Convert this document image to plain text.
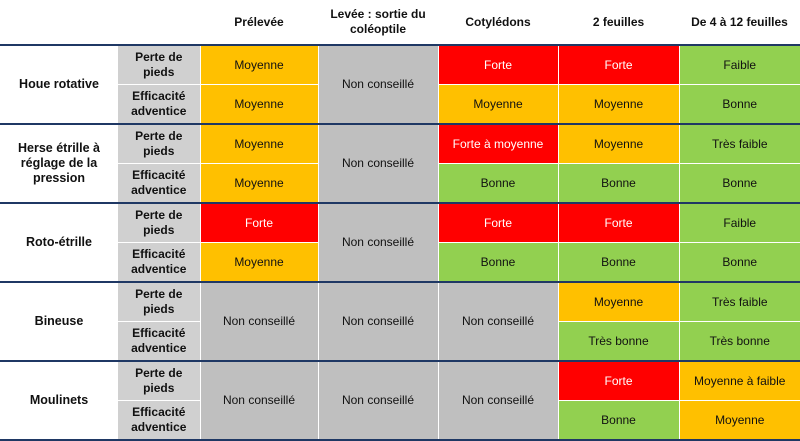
		Prélevée	Levée : sortie du coléoptile	Cotylédons	2 feuilles	De 4 à 12 feuilles
Houe rotative	Perte de pieds	Moyenne	Non conseillé	Forte	Forte	Faible
	Efficacité adventice	Moyenne		Moyenne	Moyenne	Bonne
Herse étrille à réglage de la pression	Perte de pieds	Moyenne	Non conseillé	Forte à moyenne	Moyenne	Très faible
	Efficacité adventice	Moyenne		Bonne	Bonne	Bonne
Roto-étrille	Perte de pieds	Forte	Non conseillé	Forte	Forte	Faible
	Efficacité adventice	Moyenne		Bonne	Bonne	Bonne
Bineuse	Perte de pieds	Non conseillé	Non conseillé	Non conseillé	Moyenne	Très faible
	Efficacité adventice				Très bonne	Très bonne
Moulinets	Perte de pieds	Non conseillé	Non conseillé	Non conseillé	Forte	Moyenne à faible
	Efficacité adventice				Bonne	Moyenne
